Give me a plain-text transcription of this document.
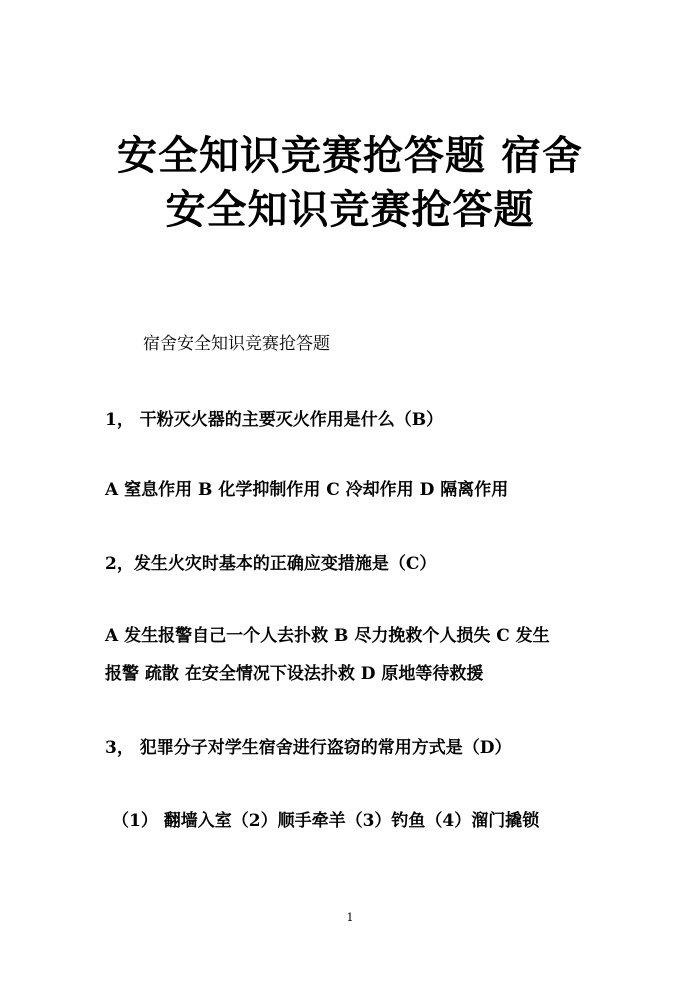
安全知识竞赛抢答题 宿舍
安全知识竞赛抢答题
宿舍安全知识竞赛抢答题
1， 干粉灭火器的主要灭火作用是什么（B）
A 窒息作用 B 化学抑制作用 C 冷却作用 D 隔离作用
2，发生火灾时基本的正确应变措施是（C）
A 发生报警自己一个人去扑救 B 尽力挽救个人损失 C 发生
报警 疏散 在安全情况下设法扑救 D 原地等待救援
3， 犯罪分子对学生宿舍进行盗窃的常用方式是（D）
（1） 翻墙入室（2）顺手牵羊（3）钓鱼（4）溜门撬锁
1
